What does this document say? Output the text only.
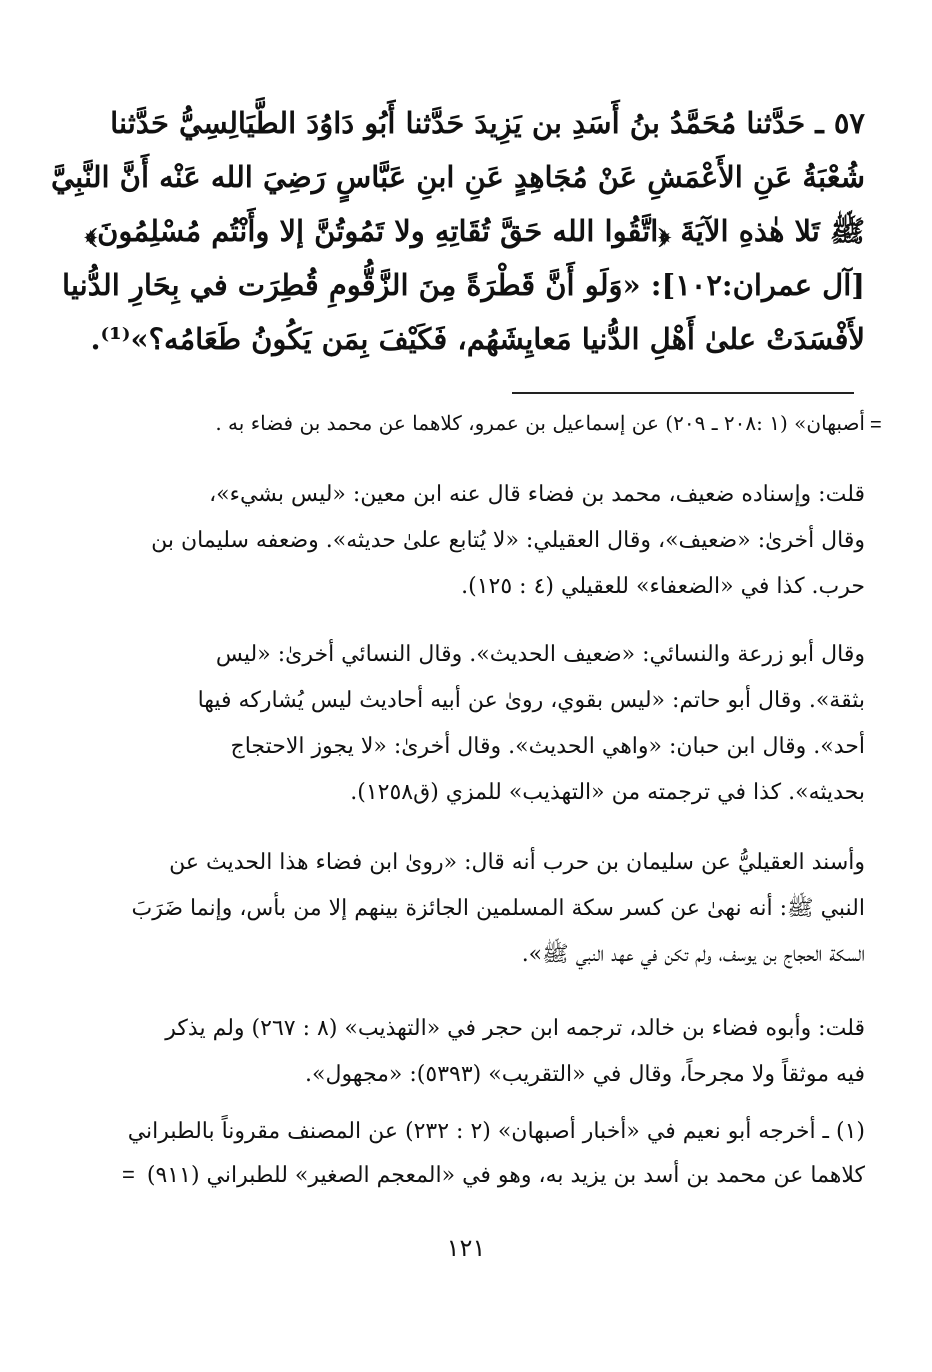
٥٧ ـ حَدَّثنا مُحَمَّدُ بنُ أَسَدِ بن يَزِيدَ حَدَّثنا أَبُو دَاوُدَ الطَّيَالِسِيُّ حَدَّثنا
شُعْبَةُ عَنِ الأَعْمَشِ عَنْ مُجَاهِدٍ عَنِ ابنِ عَبَّاسٍ رَضِيَ الله عَنْه أَنَّ النَّبِيَّ
ﷺ تَلا هٰذهِ الآيَةَ ﴿اتَّقُوا الله حَقَّ تُقَاتِهِ ولا تَمُوتُنَّ إلا وأَنْتُم مُسْلِمُونَ﴾
[آل عمران:١٠٢]: «وَلَو أَنَّ قَطْرَةً مِنَ الزَّقُّومِ قُطِرَت في بِحَارِ الدُّنيا
لأَفْسَدَتْ علىٰ أَهْلِ الدُّنيا مَعايِشَهُم، فَكَيْفَ بِمَن يَكُونُ طَعَامُه؟»⁽¹⁾.
أصبهان» (١ :٢٠٨ ـ ٢٠٩) عن إسماعيل بن عمرو، كلاهما عن محمد بن فضاء به . =
قلت: وإسناده ضعيف، محمد بن فضاء قال عنه ابن معين: «ليس بشيء»،
وقال أخرىٰ: «ضعيف»، وقال العقيلي: «لا يُتابع علىٰ حديثه». وضعفه سليمان بن
حرب. كذا في «الضعفاء» للعقيلي (٤ : ١٢٥).
وقال أبو زرعة والنسائي: «ضعيف الحديث». وقال النسائي أخرىٰ: «ليس
بثقة». وقال أبو حاتم: «ليس بقوي، روىٰ عن أبيه أحاديث ليس يُشاركه فيها
أحد». وقال ابن حبان: «واهي الحديث». وقال أخرىٰ: «لا يجوز الاحتجاج
بحديثه». كذا في ترجمته من «التهذيب» للمزي (ق١٢٥٨).
وأسند العقيليُّ عن سليمان بن حرب أنه قال: «روىٰ ابن فضاء هذا الحديث عن
النبي ﷺ: أنه نهىٰ عن كسر سكة المسلمين الجائزة بينهم إلا من بأس، وإنما ضَرَبَ
السكة الحجاج بن يوسف، ولم تكن في عهد النبي ﷺ».
قلت: وأبوه فضاء بن خالد، ترجمه ابن حجر في «التهذيب» (٨ : ٢٦٧) ولم يذكر
فيه موثقاً ولا مجرحاً، وقال في «التقريب» (٥٣٩٣): «مجهول».
(١) ـ أخرجه أبو نعيم في «أخبار أصبهان» (٢ : ٢٣٢) عن المصنف مقروناً بالطبراني
كلاهما عن محمد بن أسد بن يزيد به، وهو في «المعجم الصغير» للطبراني (٩١١)
=
١٢١
